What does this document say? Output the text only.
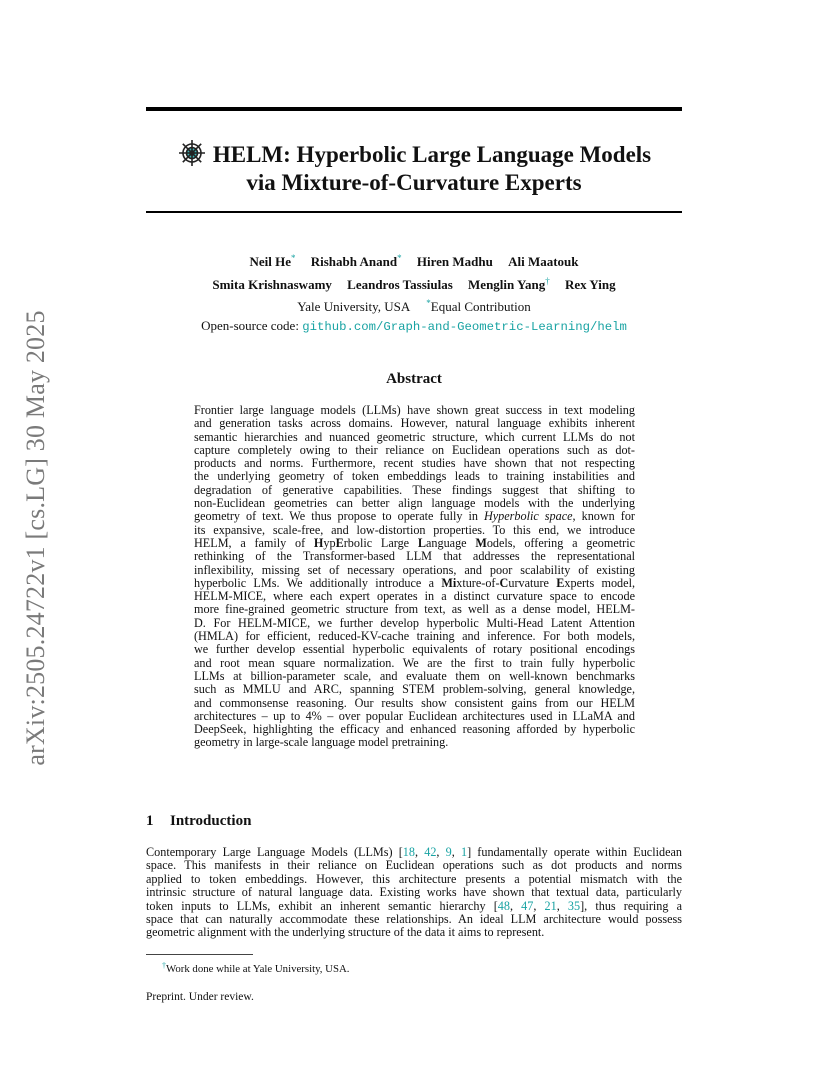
arXiv:2505.24722v1 [cs.LG] 30 May 2025
HELM: Hyperbolic Large Language Models
via Mixture-of-Curvature Experts
Neil He* Rishabh Anand* Hiren Madhu Ali Maatouk
Smita Krishnaswamy Leandros Tassiulas Menglin Yang† Rex Ying
Yale University, USA *Equal Contribution
Open-source code: github.com/Graph-and-Geometric-Learning/helm
Abstract
Frontier large language models (LLMs) have shown great success in text modeling
and generation tasks across domains. However, natural language exhibits inherent
semantic hierarchies and nuanced geometric structure, which current LLMs do not
capture completely owing to their reliance on Euclidean operations such as dot-
products and norms. Furthermore, recent studies have shown that not respecting
the underlying geometry of token embeddings leads to training instabilities and
degradation of generative capabilities. These findings suggest that shifting to
non-Euclidean geometries can better align language models with the underlying
geometry of text. We thus propose to operate fully in Hyperbolic space, known for
its expansive, scale-free, and low-distortion properties. To this end, we introduce
HELM, a family of HypErbolic Large Language Models, offering a geometric
rethinking of the Transformer-based LLM that addresses the representational
inflexibility, missing set of necessary operations, and poor scalability of existing
hyperbolic LMs. We additionally introduce a Mixture-of-Curvature Experts model,
HELM-MICE, where each expert operates in a distinct curvature space to encode
more fine-grained geometric structure from text, as well as a dense model, HELM-
D. For HELM-MICE, we further develop hyperbolic Multi-Head Latent Attention
(HMLA) for efficient, reduced-KV-cache training and inference. For both models,
we further develop essential hyperbolic equivalents of rotary positional encodings
and root mean square normalization. We are the first to train fully hyperbolic
LLMs at billion-parameter scale, and evaluate them on well-known benchmarks
such as MMLU and ARC, spanning STEM problem-solving, general knowledge,
and commonsense reasoning. Our results show consistent gains from our HELM
architectures – up to 4% – over popular Euclidean architectures used in LLaMA and
DeepSeek, highlighting the efficacy and enhanced reasoning afforded by hyperbolic
geometry in large-scale language model pretraining.
1 Introduction
Contemporary Large Language Models (LLMs) [18, 42, 9, 1] fundamentally operate within Euclidean
space. This manifests in their reliance on Euclidean operations such as dot products and norms
applied to token embeddings. However, this architecture presents a potential mismatch with the
intrinsic structure of natural language data. Existing works have shown that textual data, particularly
token inputs to LLMs, exhibit an inherent semantic hierarchy [48, 47, 21, 35], thus requiring a
space that can naturally accommodate these relationships. An ideal LLM architecture would possess
geometric alignment with the underlying structure of the data it aims to represent.
†Work done while at Yale University, USA.
Preprint. Under review.
